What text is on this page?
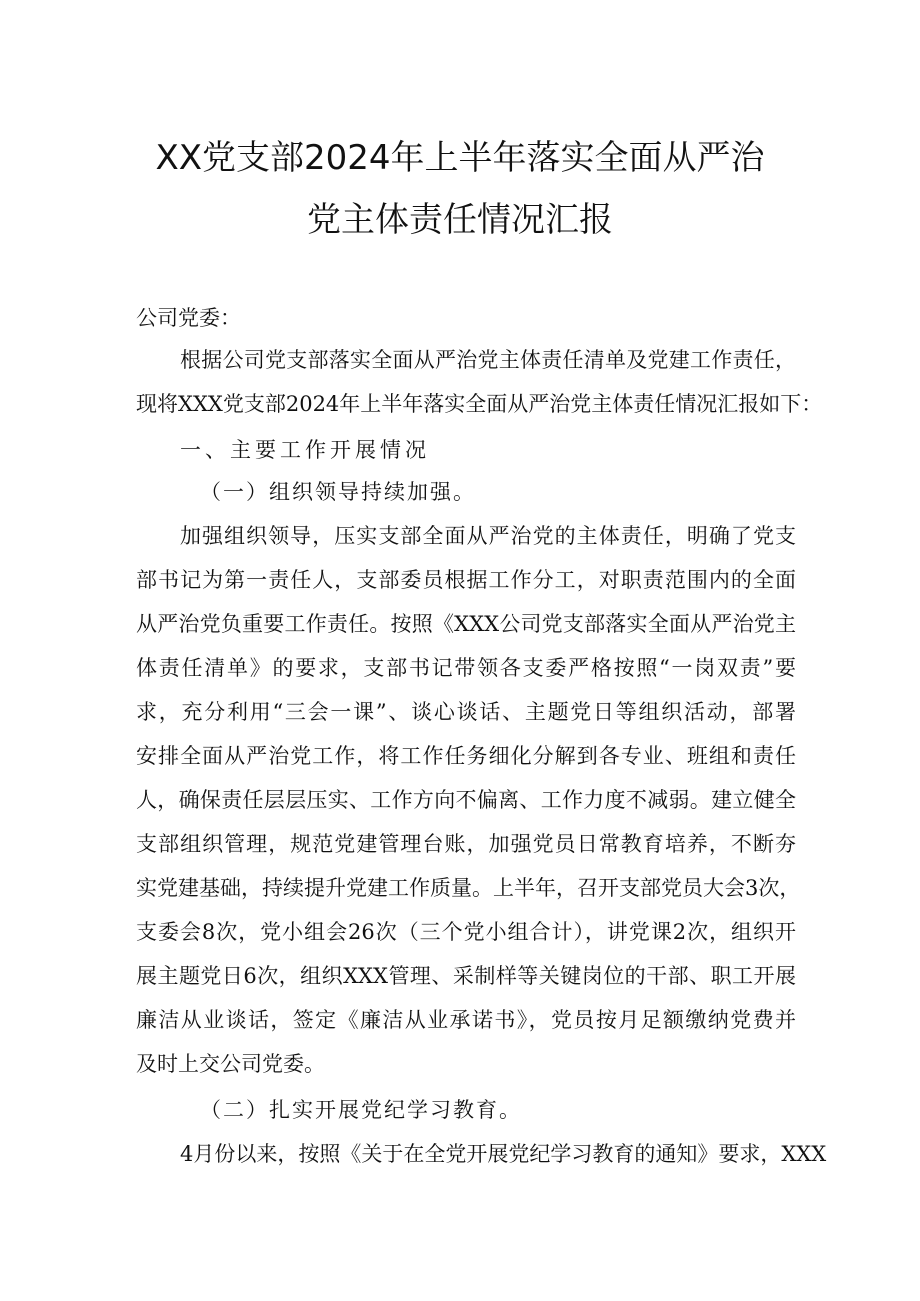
XX党支部2024年上半年落实全面从严治
党主体责任情况汇报
公司党委：
根据公司党支部落实全面从严治党主体责任清单及党建工作责任，
现将XXX党支部2024年上半年落实全面从严治党主体责任情况汇报如下：
一、主要工作开展情况
（一）组织领导持续加强。
加强组织领导，压实支部全面从严治党的主体责任，明确了党支
部书记为第一责任人，支部委员根据工作分工，对职责范围内的全面
从严治党负重要工作责任。按照《XXX公司党支部落实全面从严治党主
体责任清单》的要求，支部书记带领各支委严格按照“一岗双责”要
求，充分利用“三会一课”、谈心谈话、主题党日等组织活动，部署
安排全面从严治党工作，将工作任务细化分解到各专业、班组和责任
人，确保责任层层压实、工作方向不偏离、工作力度不减弱。建立健全
支部组织管理，规范党建管理台账，加强党员日常教育培养，不断夯
实党建基础，持续提升党建工作质量。上半年，召开支部党员大会3次，
支委会8次，党小组会26次（三个党小组合计），讲党课2次，组织开
展主题党日6次，组织XXX管理、采制样等关键岗位的干部、职工开展
廉洁从业谈话，签定《廉洁从业承诺书》，党员按月足额缴纳党费并
及时上交公司党委。
（二）扎实开展党纪学习教育。
4月份以来，按照《关于在全党开展党纪学习教育的通知》要求，XXX
